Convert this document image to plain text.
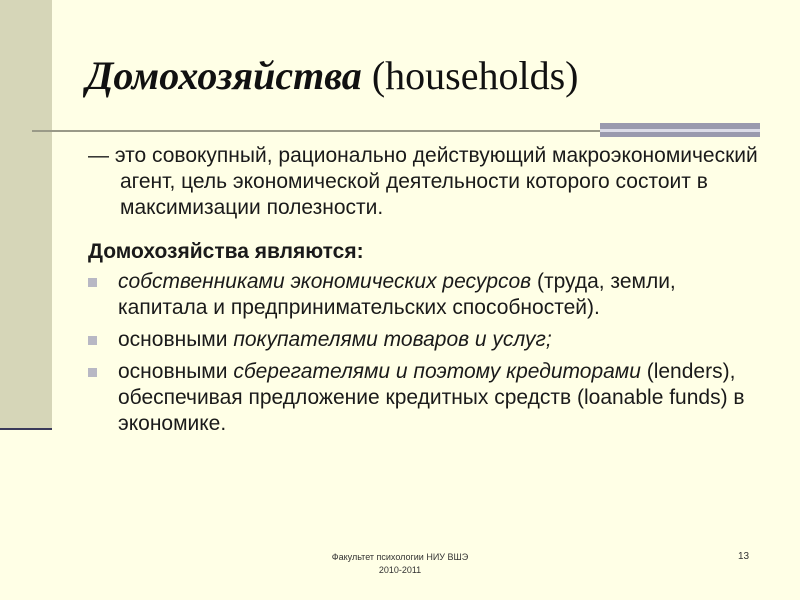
Домохозяйства (households)
— это совокупный, рационально действующий макроэкономический агент, цель экономической деятельности которого состоит в максимизации полезности.
Домохозяйства являются:
собственниками экономических ресурсов (труда, земли, капитала и предпринимательских способностей).
основными покупателями товаров и услуг;
основными сберегателями и поэтому кредиторами (lenders), обеспечивая предложение кредитных средств (loanable funds) в экономике.
Факультет психологии НИУ ВШЭ
2010-2011
13
